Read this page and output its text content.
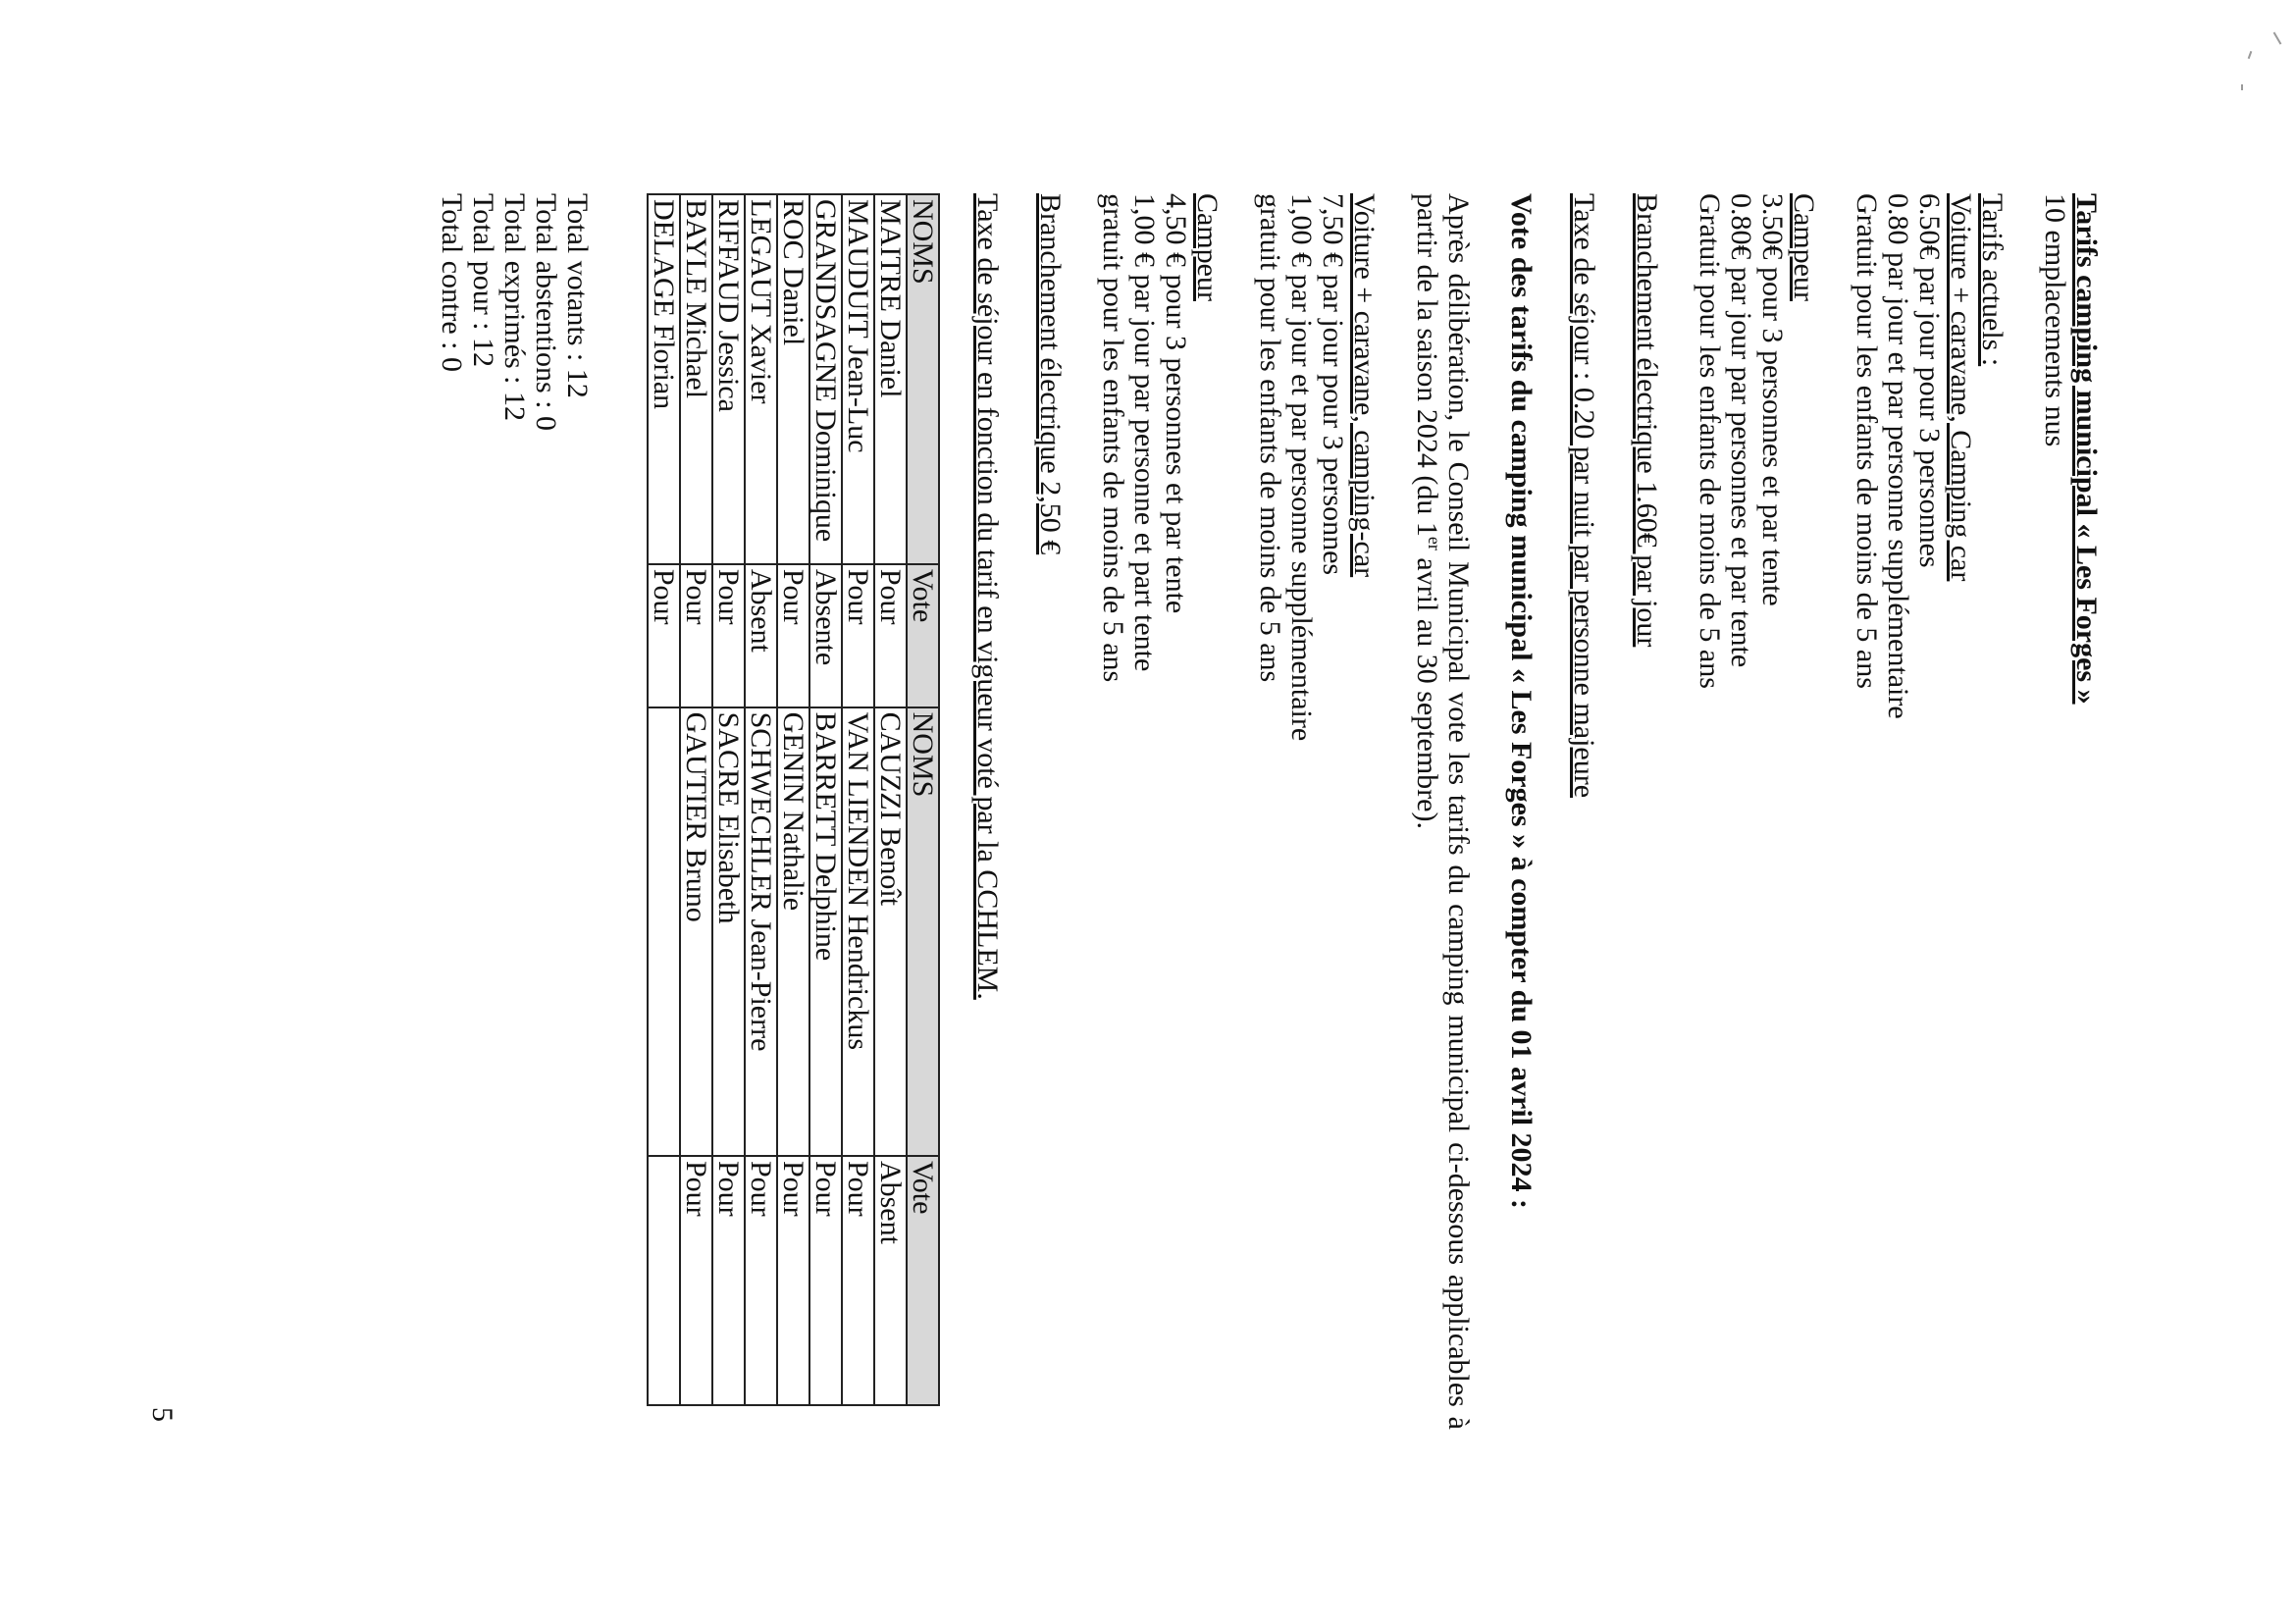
Tarifs camping municipal « Les Forges »
10 emplacements nus
Tarifs actuels :
Voiture + caravane, Camping car
6.50€ par jour pour 3 personnes
0.80 par jour et par personne supplémentaire
Gratuit pour les enfants de moins de 5 ans
Campeur
3.50€ pour 3 personnes et par tente
0.80€ par jour par personnes et par tente
Gratuit pour les enfants de moins de 5 ans
Branchement électrique 1.60€ par jour
Taxe de séjour : 0.20 par nuit par personne majeure
Vote des tarifs du camping municipal « Les Forges » à compter du 01 avril 2024 :
Après délibération, le Conseil Municipal vote les tarifs du camping municipal ci-dessous applicables à partir de la saison 2024 (du 1er avril au 30 septembre).
Voiture + caravane, camping-car
7,50 € par jour pour 3 personnes
1,00 € par jour et par personne supplémentaire
gratuit pour les enfants de moins de 5 ans
Campeur
4,50 € pour 3 personnes et par tente
1,00 € par jour par personne et part tente
gratuit pour les enfants de moins de 5 ans
Branchement électrique 2,50 €
Taxe de séjour en fonction du tarif en vigueur voté par la CCHLEM.
NOMS	Vote	NOMS	Vote
MAITRE Daniel	Pour	CAUZZI Benoît	Absent
MAUDUIT Jean-Luc	Pour	VAN LIENDEN Hendrickus	Pour
GRANDSAGNE Dominique	Absente	BARRETT Delphine	Pour
ROC Daniel	Pour	GENIN Nathalie	Pour
LEGAUT Xavier	Absent	SCHWECHLER Jean-Pierre	Pour
RIFFAUD Jessica	Pour	SACRE Elisabeth	Pour
BAYLE Michael	Pour	GAUTIER Bruno	Pour
DELAGE Florian	Pour		
Total votants : 12
Total abstentions : 0
Total exprimés : 12
Total pour : 12
Total contre : 0
5
